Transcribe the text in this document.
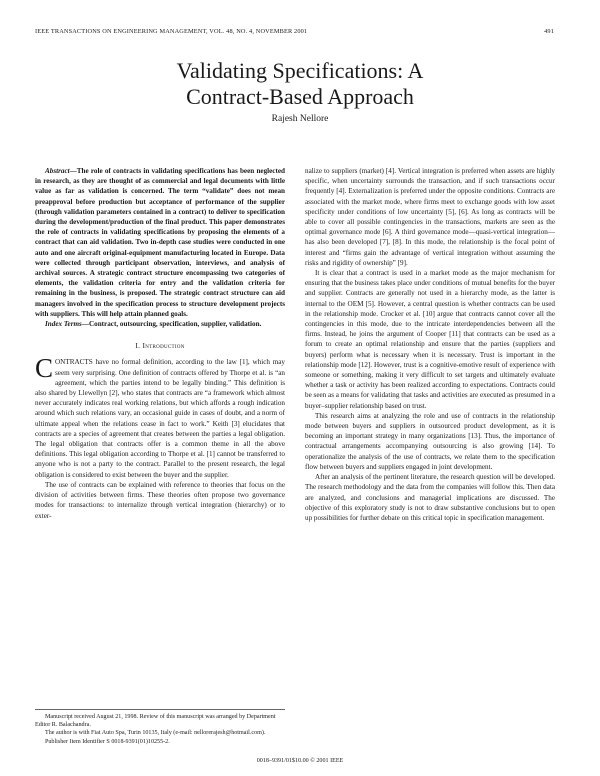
IEEE TRANSACTIONS ON ENGINEERING MANAGEMENT, VOL. 48, NO. 4, NOVEMBER 2001	491
Validating Specifications: A
Contract-Based Approach
Rajesh Nellore

Abstract—The role of contracts in validating specifications has been neglected in research, as they are thought of as commercial and legal documents with little value as far as validation is concerned. The term “validate” does not mean preapproval before production but acceptance of performance of the supplier (through validation parameters contained in a contract) to deliver to specification during the development/production of the final product. This paper demonstrates the role of contracts in validating specifications by proposing the elements of a contract that can aid validation. Two in-depth case studies were conducted in one auto and one aircraft original-equipment manufacturing located in Europe. Data were collected through participant observation, interviews, and analysis of archival sources. A strategic contract structure encompassing two categories of elements, the validation criteria for entry and the validation criteria for remaining in the business, is proposed. The strategic contract structure can aid managers involved in the specification process to structure development projects with suppliers. This will help attain planned goals.

Index Terms—Contract, outsourcing, specification, supplier, validation.

I. Introduction

CONTRACTS have no formal definition, according to the law [1], which may seem very surprising. One definition of contracts offered by Thorpe et al. is “an agreement, which the parties intend to be legally binding.” This definition is also shared by Llewellyn [2], who states that contracts are “a framework which almost never accurately indicates real working relations, but which affords a rough indication around which such relations vary, an occasional guide in cases of doubt, and a norm of ultimate appeal when the relations cease in fact to work.” Keith [3] elucidates that contracts are a species of agreement that creates between the parties a legal obligation. The legal obligation that contracts offer is a common theme in all the above definitions. This legal obligation according to Thorpe et al. [1] cannot be transferred to anyone who is not a party to the contract. Parallel to the present research, the legal obligation is considered to exist between the buyer and the supplier.

The use of contracts can be explained with reference to theories that focus on the division of activities between firms. These theories often propose two governance modes for transactions: to internalize through vertical integration (hierarchy) or to exter-

nalize to suppliers (market) [4]. Vertical integration is preferred when assets are highly specific, when uncertainty surrounds the transaction, and if such transactions occur frequently [4]. Externalization is preferred under the opposite conditions. Contracts are associated with the market mode, where firms meet to exchange goods with low asset specificity under conditions of low uncertainty [5], [6]. As long as contracts will be able to cover all possible contingencies in the transactions, markets are seen as the optimal governance mode [6]. A third governance mode—quasi-vertical integration—has also been developed [7], [8]. In this mode, the relationship is the focal point of interest and “firms gain the advantage of vertical integration without assuming the risks and rigidity of ownership” [9].

It is clear that a contract is used in a market mode as the major mechanism for ensuring that the business takes place under conditions of mutual benefits for the buyer and supplier. Contracts are generally not used in a hierarchy mode, as the latter is internal to the OEM [5]. However, a central question is whether contracts can be used in the relationship mode. Crocker et al. [10] argue that contracts cannot cover all the contingencies in this mode, due to the intricate interdependencies between all the firms. Instead, he joins the argument of Cooper [11] that contracts can be used as a forum to create an optimal relationship and ensure that the parties (suppliers and buyers) perform what is necessary when it is necessary. Trust is important in the relationship mode [12]. However, trust is a cognitive-emotive result of experience with someone or something, making it very difficult to set targets and ultimately evaluate whether a task or activity has been realized according to expectations. Contracts could be seen as a means for validating that tasks and activities are executed as presumed in a buyer–supplier relationship based on trust.

This research aims at analyzing the role and use of contracts in the relationship mode between buyers and suppliers in outsourced product development, as it is becoming an important strategy in many organizations [13]. Thus, the importance of contractual arrangements accompanying outsourcing is also growing [14]. To operationalize the analysis of the use of contracts, we relate them to the specification flow between buyers and suppliers engaged in joint development.

After an analysis of the pertinent literature, the research question will be developed. The research methodology and the data from the companies will follow this. Then data are analyzed, and conclusions and managerial implications are discussed. The objective of this exploratory study is not to draw substantive conclusions but to open up possibilities for further debate on this critical topic in specification management.

Manuscript received August 21, 1998. Review of this manuscript was arranged by Department Editor R. Balachandra.

The author is with Fiat Auto Spa, Turin 10135, Italy (e-mail: nellorerajesh@hotmail.com).

Publisher Item Identifier S 0018-9391(01)10255-2.

0018–9391/01$10.00 © 2001 IEEE
